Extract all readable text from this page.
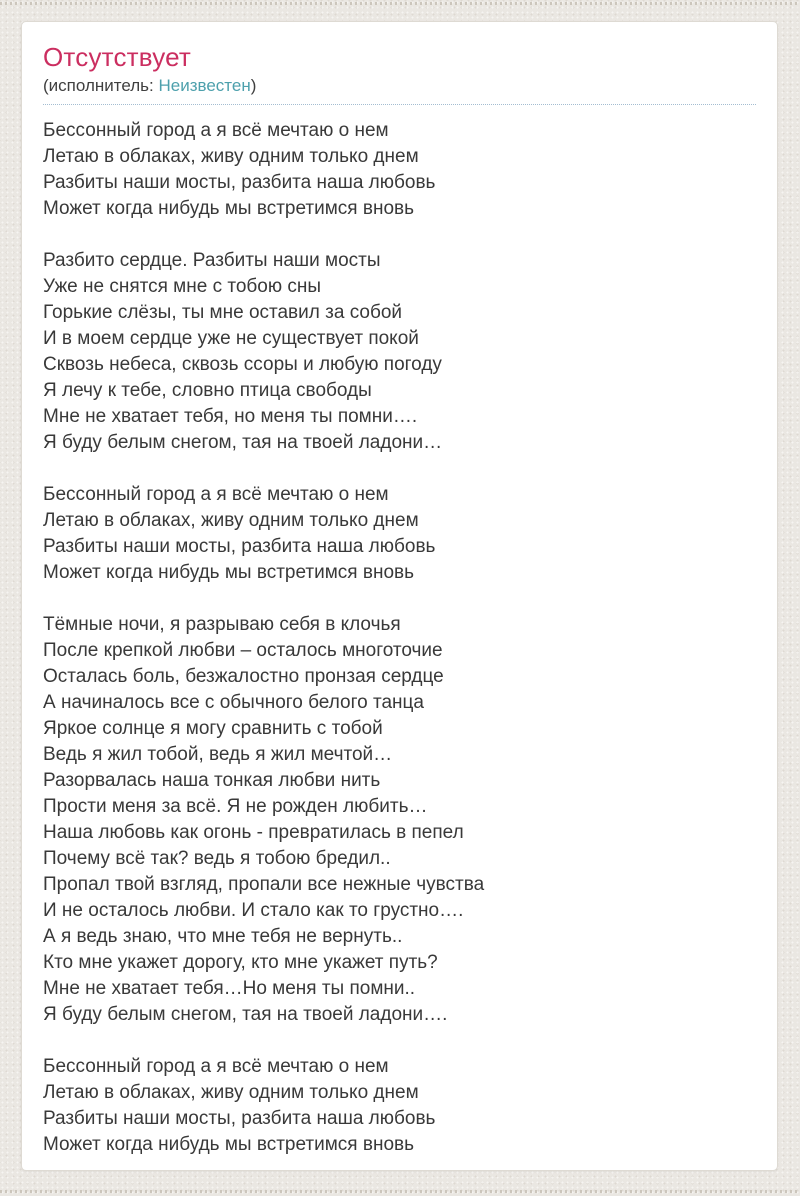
Отсутствует
(исполнитель: Неизвестен)
Бессонный город а я всё мечтаю о нем
Летаю в облаках, живу одним только днем
Разбиты наши мосты, разбита наша любовь
Может когда нибудь мы встретимся вновь
Разбито сердце. Разбиты наши мосты
Уже не снятся мне с тобою сны
Горькие слёзы, ты мне оставил за собой
И в моем сердце уже не существует покой
Сквозь небеса, сквозь ссоры и любую погоду
Я лечу к тебе, словно птица свободы
Мне не хватает тебя, но меня ты помни….
Я буду белым снегом, тая на твоей ладони…
Бессонный город а я всё мечтаю о нем
Летаю в облаках, живу одним только днем
Разбиты наши мосты, разбита наша любовь
Может когда нибудь мы встретимся вновь
Тёмные ночи, я разрываю себя в клочья
После крепкой любви – осталось многоточие
Осталась боль, безжалостно пронзая сердце
А начиналось все с обычного белого танца
Яркое солнце я могу сравнить с тобой
Ведь я жил тобой, ведь я жил мечтой…
Разорвалась наша тонкая любви нить
Прости меня за всё. Я не рожден любить…
Наша любовь как огонь - превратилась в пепел
Почему всё так? ведь я тобою бредил..
Пропал твой взгляд, пропали все нежные чувства
И не осталось любви. И стало как то грустно….
А я ведь знаю, что мне тебя не вернуть..
Кто мне укажет дорогу, кто мне укажет путь?
Мне не хватает тебя…Но меня ты помни..
Я буду белым снегом, тая на твоей ладони….
Бессонный город а я всё мечтаю о нем
Летаю в облаках, живу одним только днем
Разбиты наши мосты, разбита наша любовь
Может когда нибудь мы встретимся вновь
